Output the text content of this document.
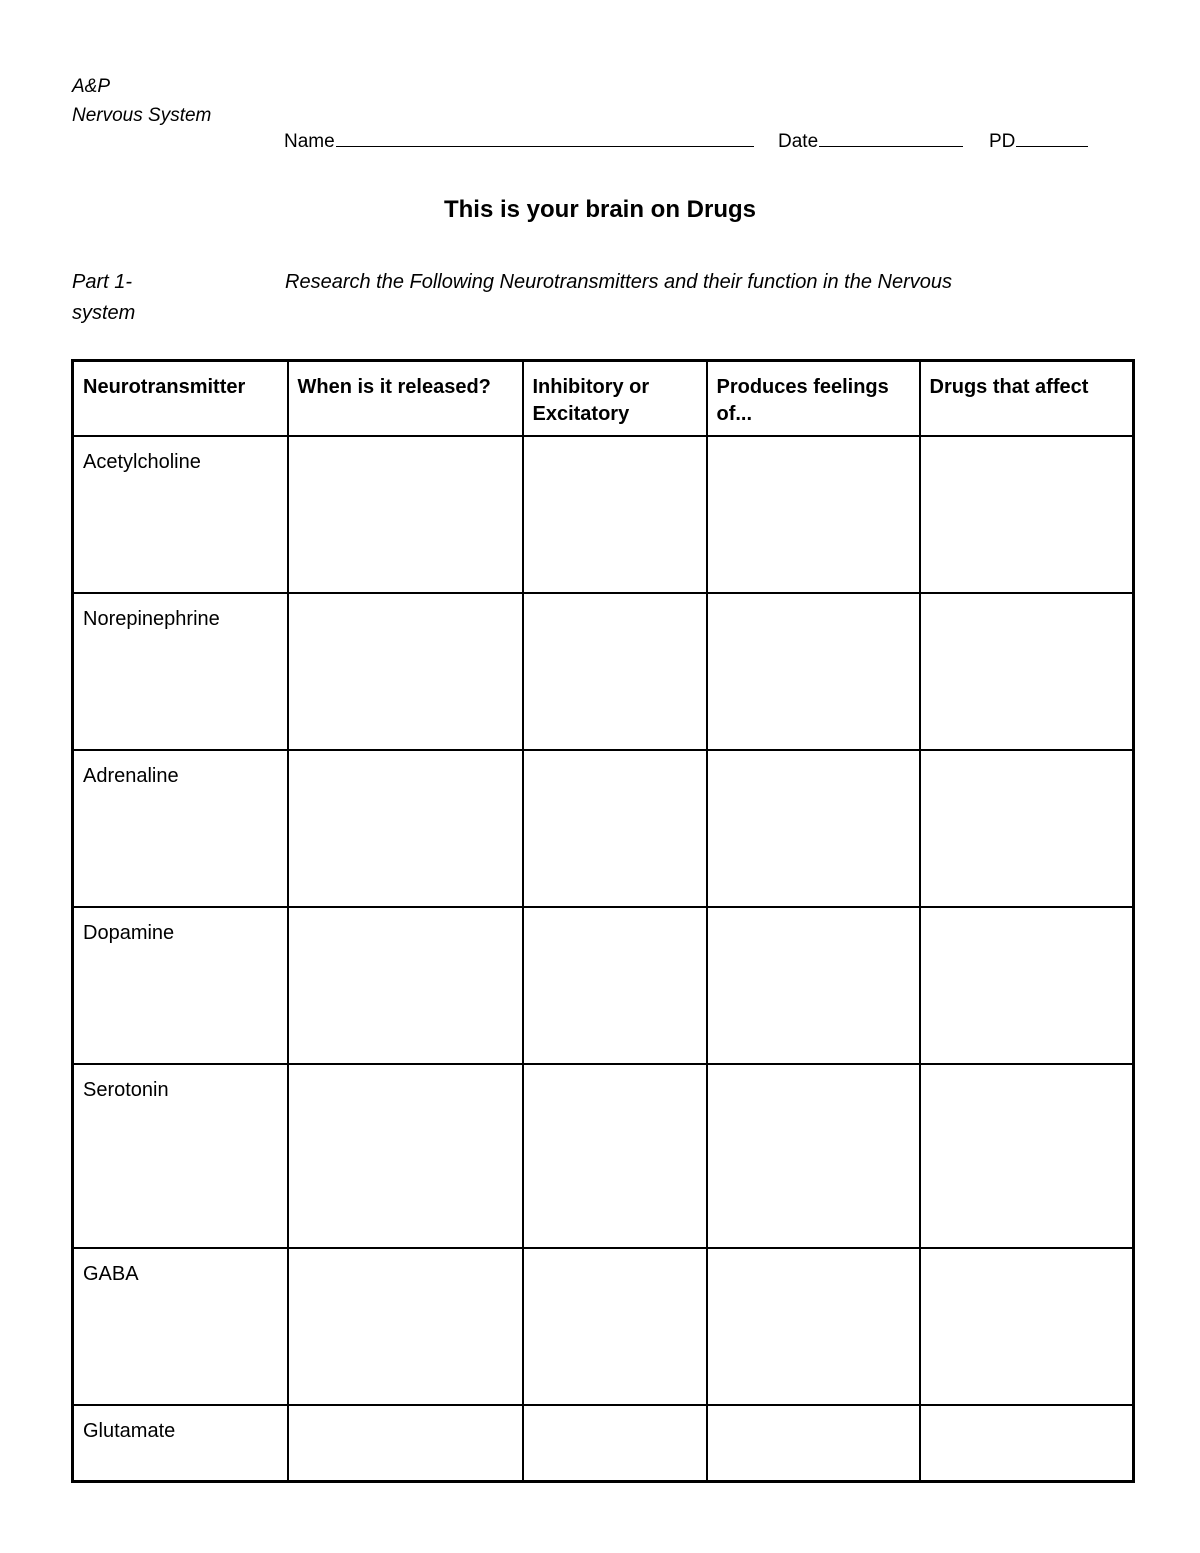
A&P
Nervous System
Name	Date	PD
This is your brain on Drugs
Part 1-	Research the Following Neurotransmitters and their function in the Nervous
system
Neurotransmitter	When is it released?	Inhibitory or Excitatory	Produces feelings of...	Drugs that affect
Acetylcholine				
Norepinephrine				
Adrenaline				
Dopamine				
Serotonin				
GABA				
Glutamate				
